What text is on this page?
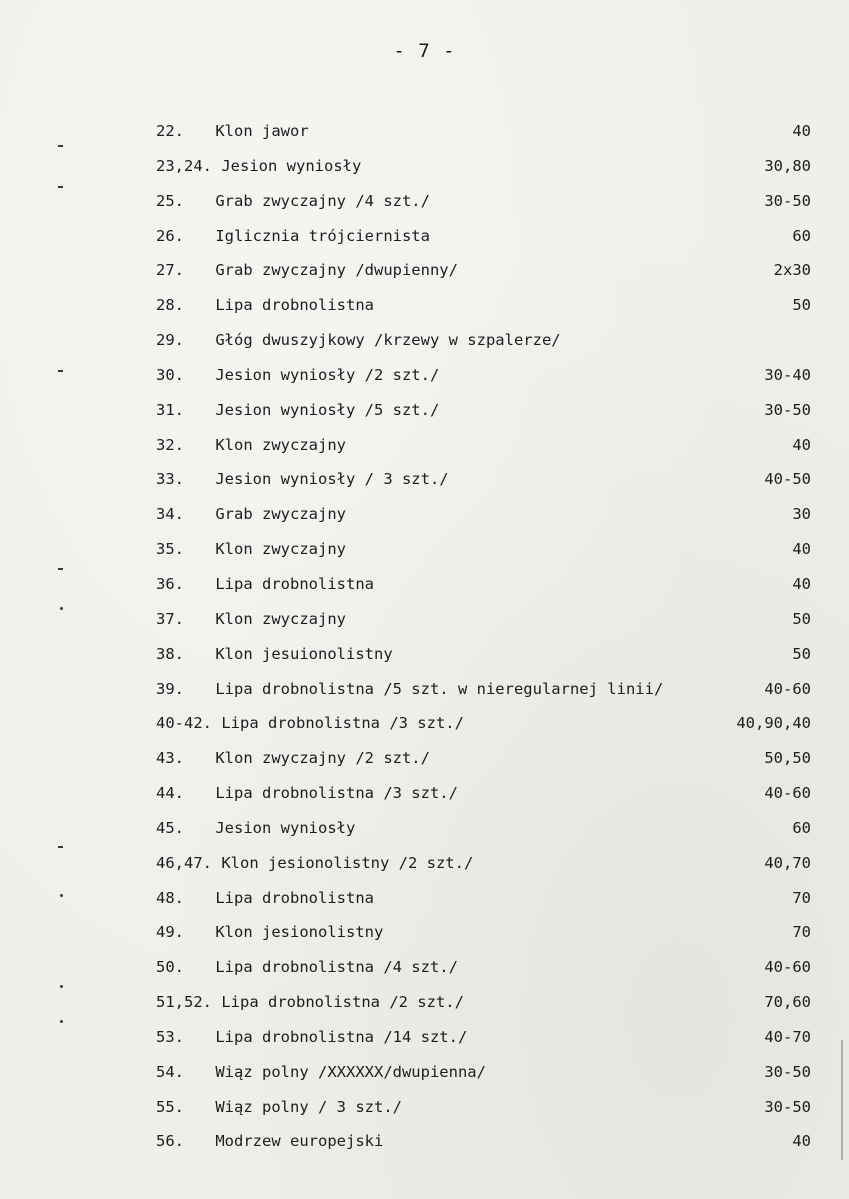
- 7 -
22. Klon jawor	40
23,24. Jesion wyniosły	30,80
25. Grab zwyczajny /4 szt./	30-50
26. Iglicznia trójciernista	60
27. Grab zwyczajny /dwupienny/	2x30
28. Lipa drobnolistna	50
29. Głóg dwuszyjkowy /krzewy w szpalerze/
30. Jesion wyniosły /2 szt./	30-40
31. Jesion wyniosły /5 szt./	30-50
32. Klon zwyczajny	40
33. Jesion wyniosły / 3 szt./	40-50
34. Grab zwyczajny	30
35. Klon zwyczajny	40
36. Lipa drobnolistna	40
37. Klon zwyczajny	50
38. Klon jesuionolistny	50
39. Lipa drobnolistna /5 szt. w nieregularnej linii/	40-60
40-42. Lipa drobnolistna /3 szt./	40,90,40
43. Klon zwyczajny /2 szt./	50,50
44. Lipa drobnolistna /3 szt./	40-60
45. Jesion wyniosły	60
46,47. Klon jesionolistny /2 szt./	40,70
48. Lipa drobnolistna	70
49. Klon jesionolistny	70
50. Lipa drobnolistna /4 szt./	40-60
51,52. Lipa drobnolistna /2 szt./	70,60
53. Lipa drobnolistna /14 szt./	40-70
54. Wiąz polny /XXXXXX/dwupienna/	30-50
55. Wiąz polny / 3 szt./	30-50
56. Modrzew europejski	40
